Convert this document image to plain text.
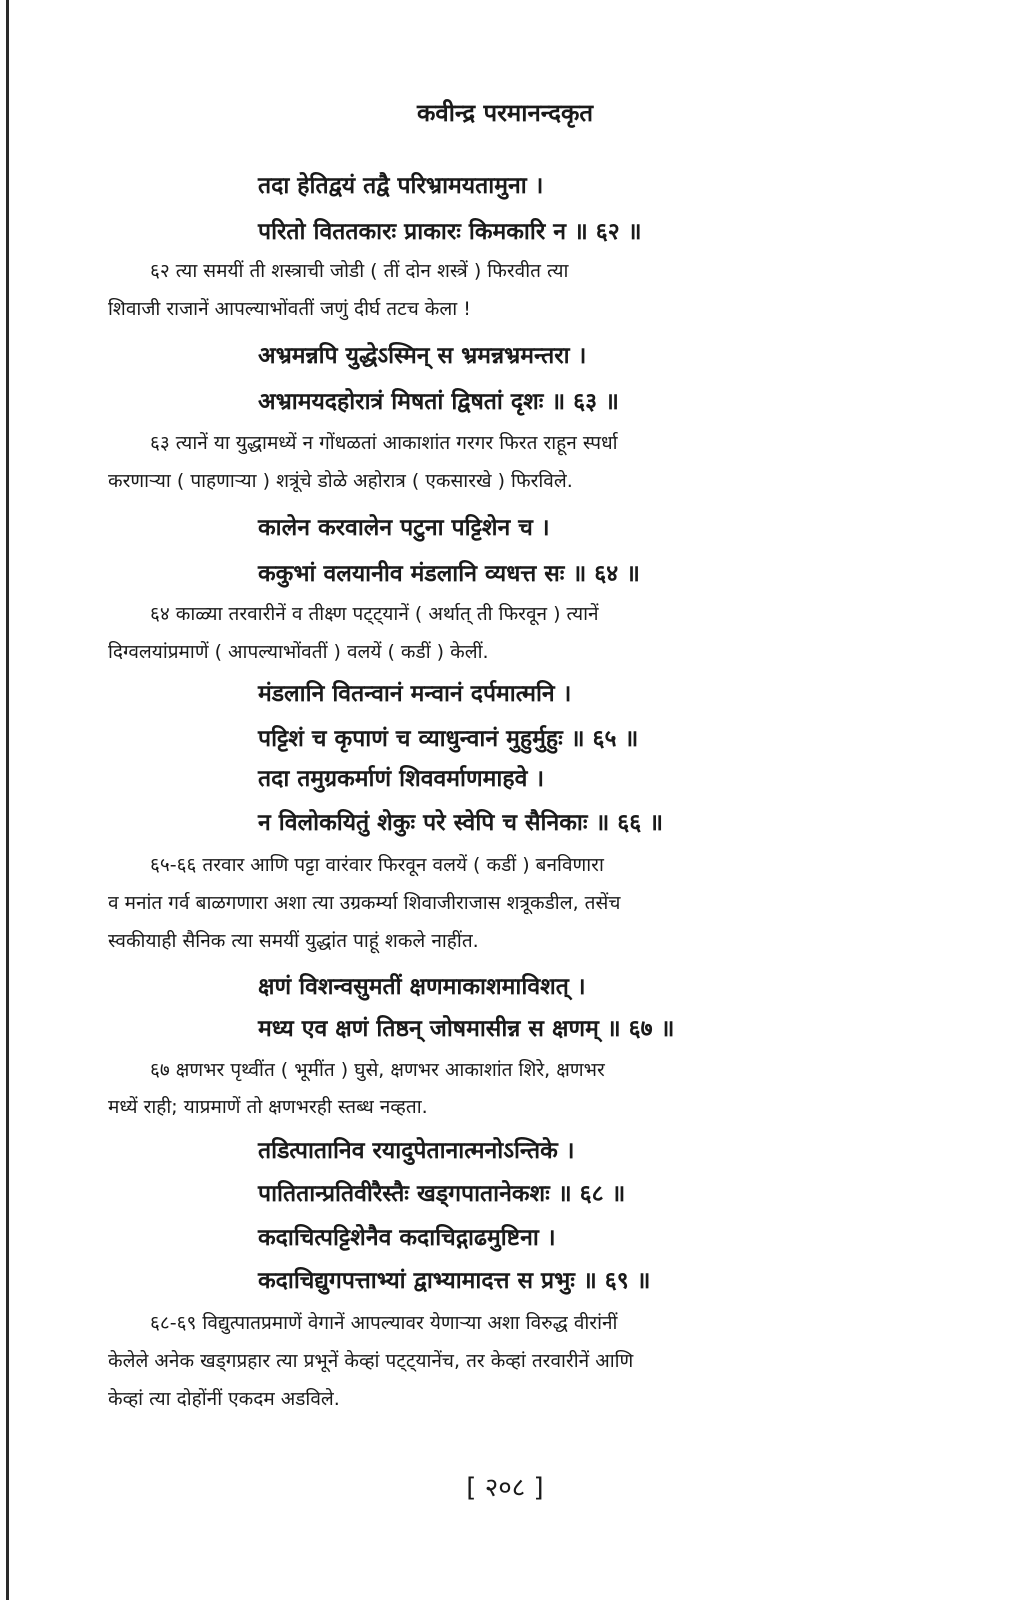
कवीन्द्र परमानन्दकृत
तदा हेतिद्वयं तद्वै परिभ्रामयतामुना ।
परितो विततकारः प्राकारः किमकारि न ॥ ६२ ॥
६२ त्या समयीं ती शस्त्राची जोडी ( तीं दोन शस्त्रें ) फिरवीत त्या
शिवाजी राजानें आपल्याभोंवतीं जणुं दीर्घ तटच केला !
अभ्रमन्नपि युद्धेऽस्मिन् स भ्रमन्नभ्रमन्तरा ।
अभ्रामयदहोरात्रं मिषतां द्विषतां दृशः ॥ ६३ ॥
६३ त्यानें या युद्धामध्यें न गोंधळतां आकाशांत गरगर फिरत राहून स्पर्धा
करणाऱ्या ( पाहणाऱ्या ) शत्रूंचे डोळे अहोरात्र ( एकसारखे ) फिरविले.
कालेन करवालेन पटुना पट्टिशेन च ।
ककुभां वलयानीव मंडलानि व्यधत्त सः ॥ ६४ ॥
६४ काळ्या तरवारीनें व तीक्ष्ण पट्ट्यानें ( अर्थात् ती फिरवून ) त्यानें
दिग्वलयांप्रमाणें ( आपल्याभोंवतीं ) वलयें ( कडीं ) केलीं.
मंडलानि वितन्वानं मन्वानं दर्पमात्मनि ।
पट्टिशं च कृपाणं च व्याधुन्वानं मुहुर्मुहुः ॥ ६५ ॥
तदा तमुग्रकर्माणं शिववर्माणमाहवे ।
न विलोकयितुं शेकुः परे स्वेपि च सैनिकाः ॥ ६६ ॥
६५-६६ तरवार आणि पट्टा वारंवार फिरवून वलयें ( कडीं ) बनविणारा
व मनांत गर्व बाळगणारा अशा त्या उग्रकर्म्या शिवाजीराजास शत्रूकडील, तसेंच
स्वकीयाही सैनिक त्या समयीं युद्धांत पाहूं शकले नाहींत.
क्षणं विशन्वसुमतीं क्षणमाकाशमाविशत् ।
मध्य एव क्षणं तिष्ठन् जोषमासीन्न स क्षणम् ॥ ६७ ॥
६७ क्षणभर पृथ्वींत ( भूमींत ) घुसे, क्षणभर आकाशांत शिरे, क्षणभर
मध्यें राही; याप्रमाणें तो क्षणभरही स्तब्ध नव्हता.
तडित्पातानिव रयादुपेतानात्मनोऽन्तिके ।
पातितान्प्रतिवीरैस्तैः खड्गपातानेकशः ॥ ६८ ॥
कदाचित्पट्टिशेनैव कदाचिद्गाढमुष्टिना ।
कदाचिद्युगपत्ताभ्यां द्वाभ्यामादत्त स प्रभुः ॥ ६९ ॥
६८-६९ विद्युत्पातप्रमाणें वेगानें आपल्यावर येणाऱ्या अशा विरुद्ध वीरांनीं
केलेले अनेक खड्गप्रहार त्या प्रभूनें केव्हां पट्ट्यानेंच, तर केव्हां तरवारीनें आणि
केव्हां त्या दोहोंनीं एकदम अडविले.
[ २०८ ]
